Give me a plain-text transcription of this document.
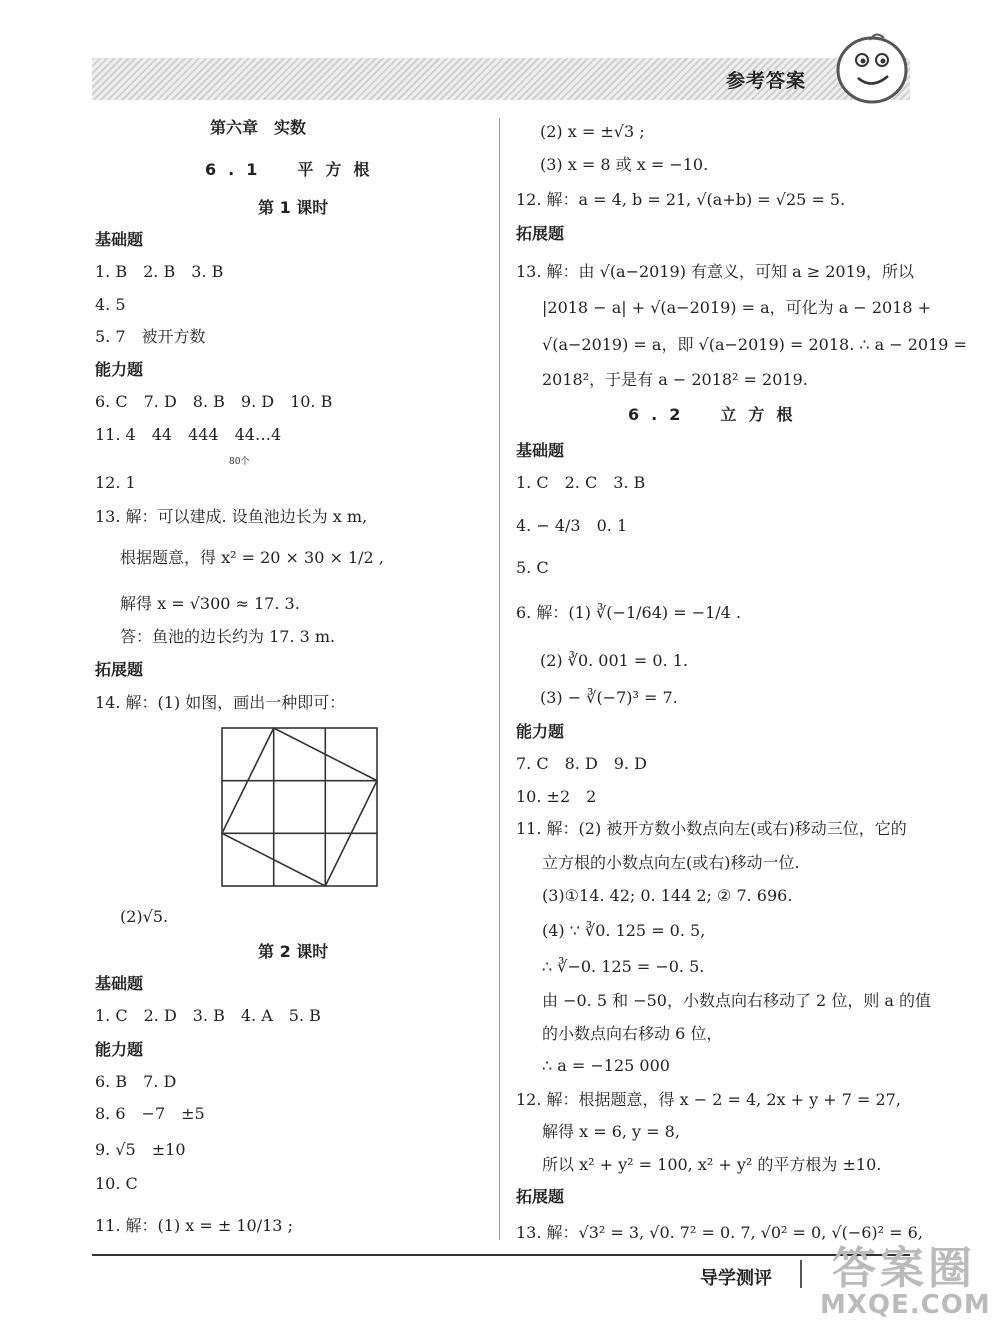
参考答案
第六章　实数
6.1　平方根
第 1 课时
基础题
1. B　2. B　3. B
4. 5
5. 7　被开方数
能力题
6. C　7. D　8. B　9. D　10. B
11. 4　44　444　44…4
80个
12. 1
13. 解：可以建成. 设鱼池边长为 x m,
根据题意，得 x² = 20 × 30 × 1/2 ,
解得 x = √300 ≈ 17. 3.
答：鱼池的边长约为 17. 3 m.
拓展题
14. 解：(1) 如图，画出一种即可：
(2)√5.
第 2 课时
基础题
1. C　2. D　3. B　4. A　5. B
能力题
6. B　7. D
8. 6　−7　±5
9. √5　±10
10. C
11. 解：(1) x = ± 10/13 ;
(2) x = ±√3 ;
(3) x = 8 或 x = −10.
12. 解：a = 4, b = 21, √(a+b) = √25 = 5.
拓展题
13. 解：由 √(a−2019) 有意义，可知 a ≥ 2019，所以
|2018 − a| + √(a−2019) = a，可化为 a − 2018 +
√(a−2019) = a，即 √(a−2019) = 2018. ∴ a − 2019 =
2018²，于是有 a − 2018² = 2019.
6.2　立方根
基础题
1. C　2. C　3. B
4. − 4/3　0. 1
5. C
6. 解：(1) ∛(−1/64) = −1/4 .
(2) ∛0. 001 = 0. 1.
(3) − ∛(−7)³ = 7.
能力题
7. C　8. D　9. D
10. ±2　2
11. 解：(2) 被开方数小数点向左(或右)移动三位，它的
立方根的小数点向左(或右)移动一位.
(3)①14. 42; 0. 144 2; ② 7. 696.
(4) ∵ ∛0. 125 = 0. 5,
∴ ∛−0. 125 = −0. 5.
由 −0. 5 和 −50，小数点向右移动了 2 位，则 a 的值
的小数点向右移动 6 位，
∴ a = −125 000
12. 解：根据题意，得 x − 2 = 4, 2x + y + 7 = 27,
解得 x = 6, y = 8,
所以 x² + y² = 100, x² + y² 的平方根为 ±10.
拓展题
13. 解：√3² = 3, √0. 7² = 0. 7, √0² = 0, √(−6)² = 6,
导学测评 答案圈
MXQE.COM
